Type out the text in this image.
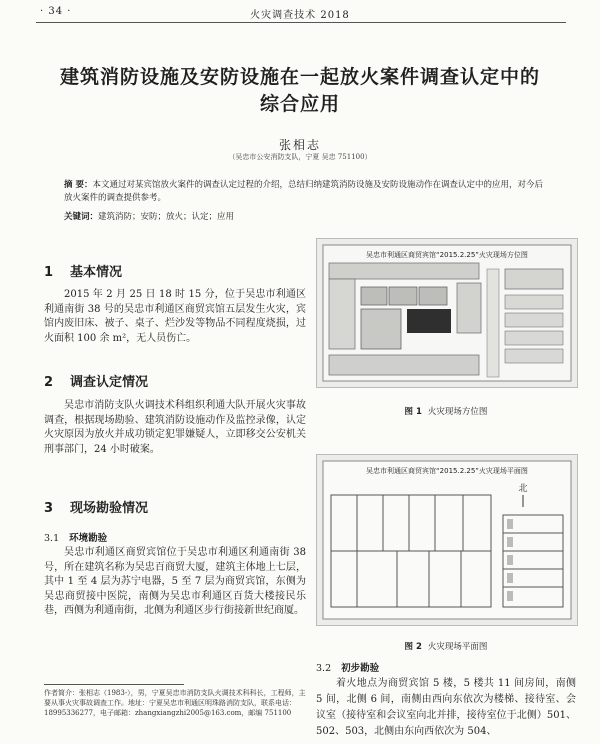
· 34 ·	火灾调查技术 2018
建筑消防设施及安防设施在一起放火案件调查认定中的综合应用
张相志
（吴忠市公安消防支队，宁夏 吴忠 751100）
摘 要：本文通过对某宾馆放火案件的调查认定过程的介绍，总结归纳建筑消防设施及安防设施动作在调查认定中的应用，对今后放火案件的调查提供参考。
关键词：建筑消防；安防；放火；认定；应用
1 基本情况
2015 年 2 月 25 日 18 时 15 分，位于吴忠市利通区利通南街 38 号的吴忠市利通区商贸宾馆五层发生火灾，宾馆内废旧床、被子、桌子、烂沙发等物品不同程度烧损，过火面积 100 余 m²，无人员伤亡。
2 调查认定情况
吴忠市消防支队火调技术科组织利通大队开展火灾事故调查，根据现场勘验、建筑消防设施动作及监控录像，认定火灾原因为放火并成功锁定犯罪嫌疑人，立即移交公安机关刑事部门，24 小时破案。
3 现场勘验情况
3.1 环境勘验
吴忠市利通区商贸宾馆位于吴忠市利通区利通南街 38 号，所在建筑名称为吴忠百商贸大厦，建筑主体地上七层，其中 1 至 4 层为苏宁电器，5 至 7 层为商贸宾馆，东侧为吴忠商贸接中医院，南侧为吴忠市利通区百货大楼接民乐巷，西侧为利通南街，北侧为利通区步行街接新世纪商厦。
作者简介：张相志（1983-），男，宁夏吴忠市消防支队火调技术科科长，工程师，主要从事火灾事故调查工作。地址：宁夏吴忠市利通区明珠路消防支队，联系电话：18995336277，电子邮箱：zhangxiangzhi2005@163.com，邮编 751100
吴忠市利通区商贸宾馆“2015.2.25”火灾现场方位图
图 1 火灾现场方位图
吴忠市利通区商贸宾馆“2015.2.25”火灾现场平面图
北
图 2 火灾现场平面图
3.2 初步勘验
着火地点为商贸宾馆 5 楼，5 楼共 11 间房间，南侧 5 间，北侧 6 间，南侧由西向东依次为楼梯、接待室、会议室（接待室和会议室向北并排，接待室位于北侧）501、502、503，北侧由东向西依次为 504、
